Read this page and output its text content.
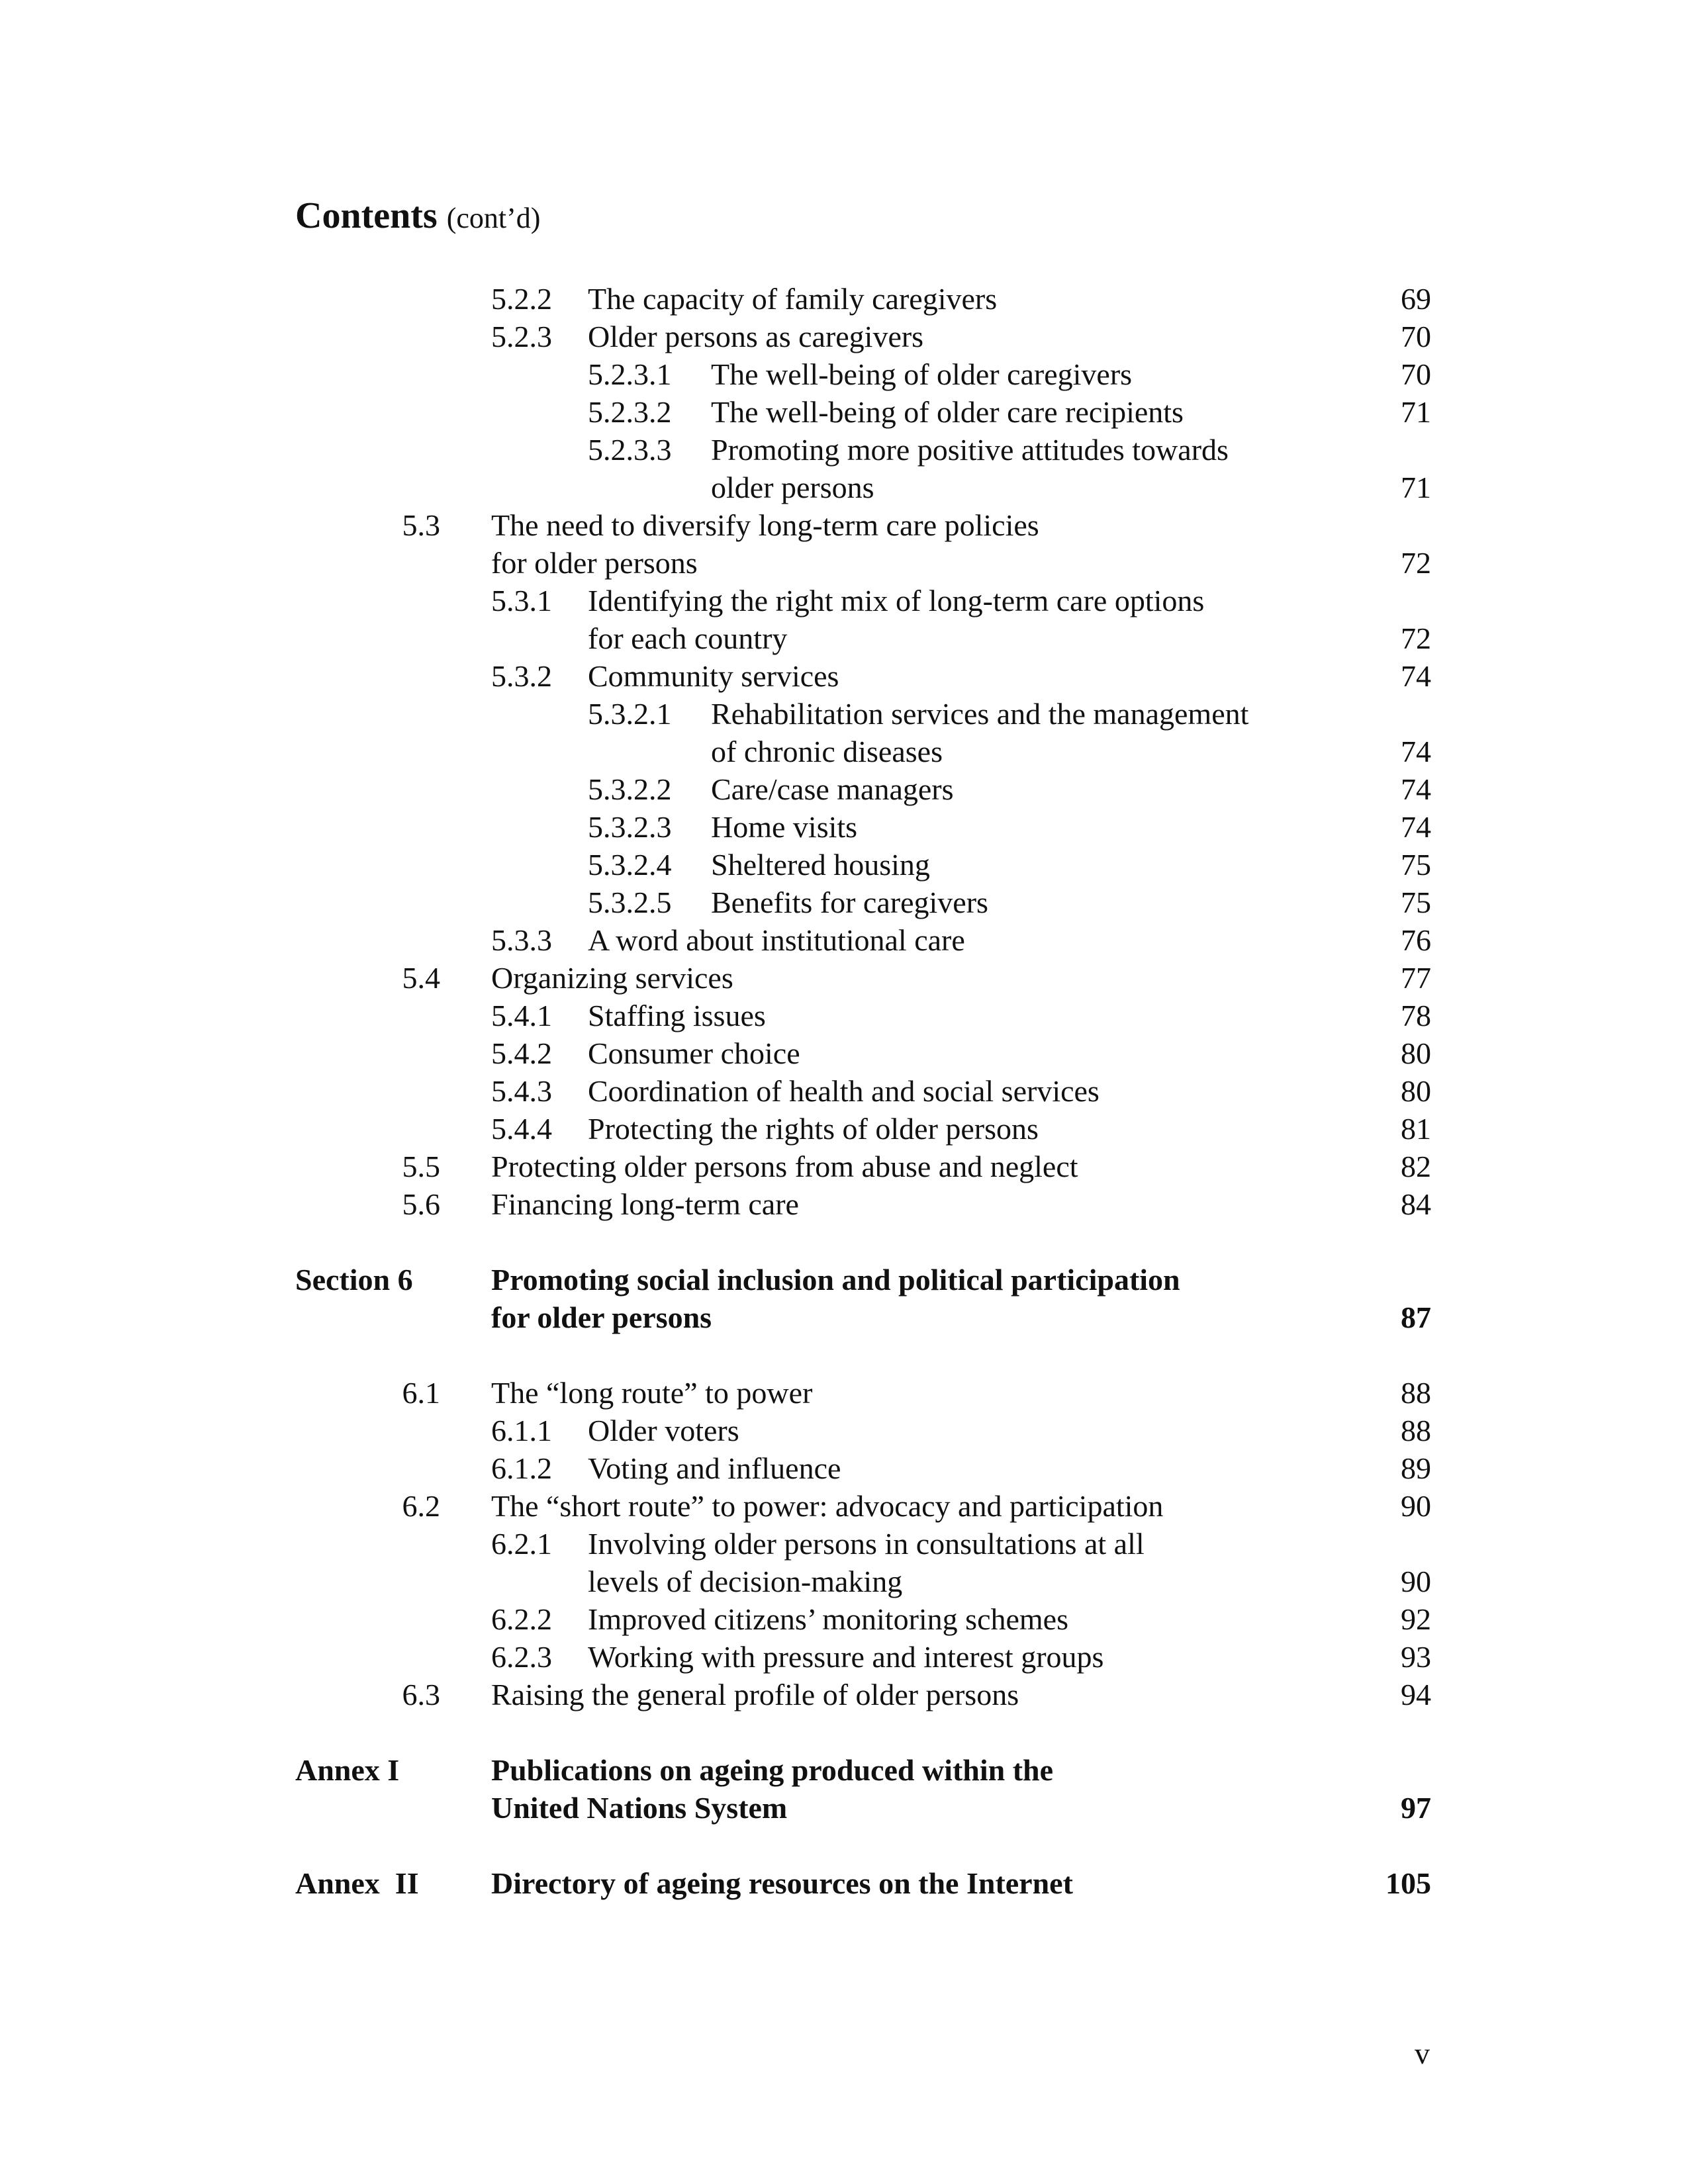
Contents (cont’d)
5.2.2 The capacity of family caregivers	69
5.2.3 Older persons as caregivers	70
5.2.3.1 The well-being of older caregivers	70
5.2.3.2 The well-being of older care recipients	71
5.2.3.3 Promoting more positive attitudes towards
older persons	71
5.3 The need to diversify long-term care policies
for older persons	72
5.3.1 Identifying the right mix of long-term care options
for each country	72
5.3.2 Community services	74
5.3.2.1 Rehabilitation services and the management
of chronic diseases	74
5.3.2.2 Care/case managers	74
5.3.2.3 Home visits	74
5.3.2.4 Sheltered housing	75
5.3.2.5 Benefits for caregivers	75
5.3.3 A word about institutional care	76
5.4 Organizing services	77
5.4.1 Staffing issues	78
5.4.2 Consumer choice	80
5.4.3 Coordination of health and social services	80
5.4.4 Protecting the rights of older persons	81
5.5 Protecting older persons from abuse and neglect	82
5.6 Financing long-term care	84
Section 6	Promoting social inclusion and political participation
for older persons	87
6.1 The “long route” to power	88
6.1.1 Older voters	88
6.1.2 Voting and influence	89
6.2 The “short route” to power: advocacy and participation	90
6.2.1 Involving older persons in consultations at all
levels of decision-making	90
6.2.2 Improved citizens’ monitoring schemes	92
6.2.3 Working with pressure and interest groups	93
6.3 Raising the general profile of older persons	94
Annex I	Publications on ageing produced within the
United Nations System	97
Annex  II Directory of ageing resources on the Internet	105
v
